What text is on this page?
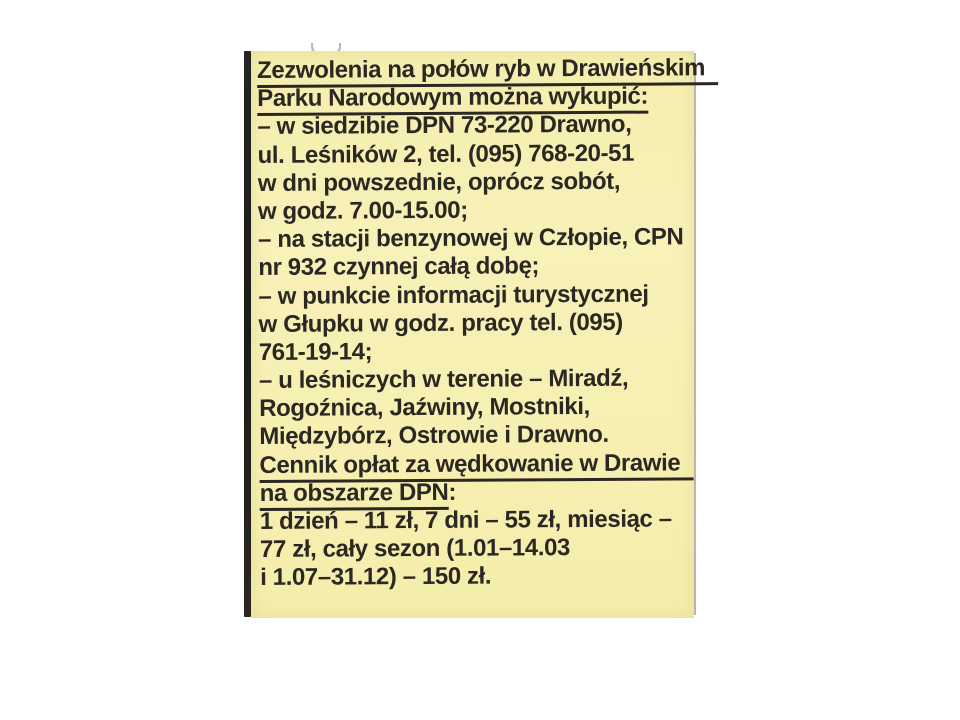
Zezwolenia na połów ryb w Drawieńskim
Parku Narodowym można wykupić:
– w siedzibie DPN 73-220 Drawno,
ul. Leśników 2, tel. (095) 768-20-51
w dni powszednie, oprócz sobót,
w godz. 7.00-15.00;
– na stacji benzynowej w Człopie, CPN
nr 932 czynnej całą dobę;
– w punkcie informacji turystycznej
w Głupku w godz. pracy tel. (095)
761-19-14;
– u leśniczych w terenie – Miradź,
Rogoźnica, Jaźwiny, Mostniki,
Międzybórz, Ostrowie i Drawno.
Cennik opłat za wędkowanie w Drawie
na obszarze DPN:
1 dzień – 11 zł, 7 dni – 55 zł, miesiąc –
77 zł, cały sezon (1.01–14.03
i 1.07–31.12) – 150 zł.
